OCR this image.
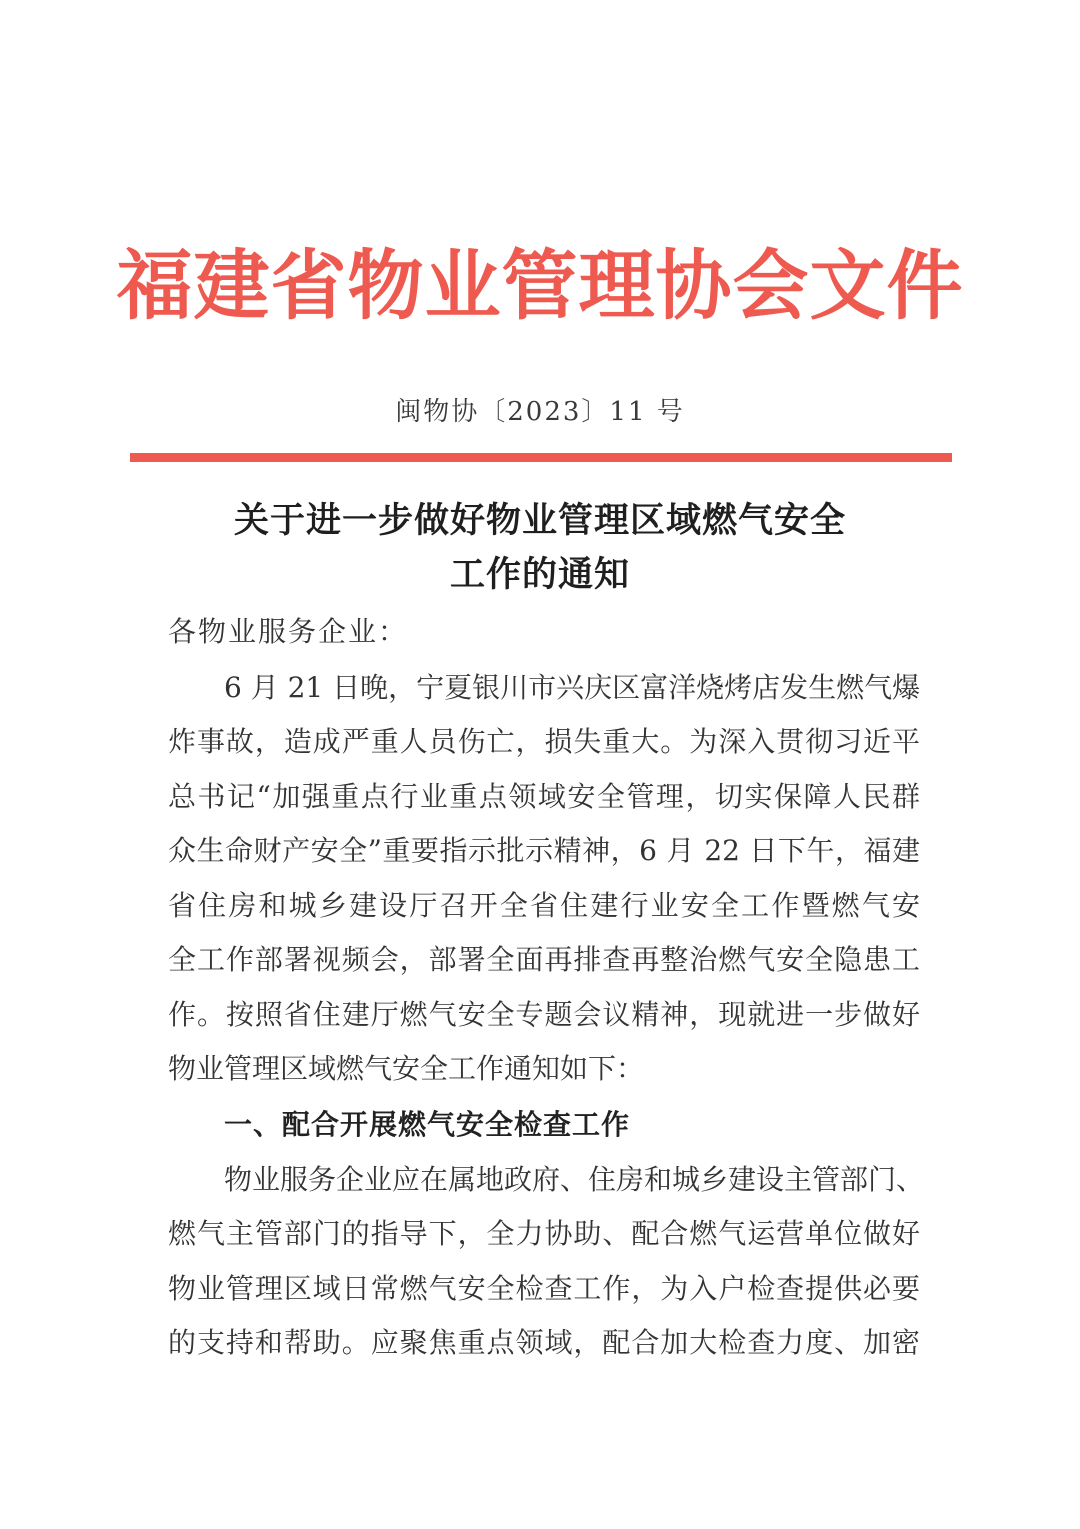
福建省物业管理协会文件
闽物协〔2023〕11 号
关于进一步做好物业管理区域燃气安全
工作的通知
各物业服务企业：
6 月 21 日晚，宁夏银川市兴庆区富洋烧烤店发生燃气爆
炸事故，造成严重人员伤亡，损失重大。为深入贯彻习近平
总书记“加强重点行业重点领域安全管理，切实保障人民群
众生命财产安全”重要指示批示精神，6 月 22 日下午，福建
省住房和城乡建设厅召开全省住建行业安全工作暨燃气安
全工作部署视频会，部署全面再排查再整治燃气安全隐患工
作。按照省住建厅燃气安全专题会议精神，现就进一步做好
物业管理区域燃气安全工作通知如下：
一、配合开展燃气安全检查工作
物业服务企业应在属地政府、住房和城乡建设主管部门、
燃气主管部门的指导下，全力协助、配合燃气运营单位做好
物业管理区域日常燃气安全检查工作，为入户检查提供必要
的支持和帮助。应聚焦重点领域，配合加大检查力度、加密
